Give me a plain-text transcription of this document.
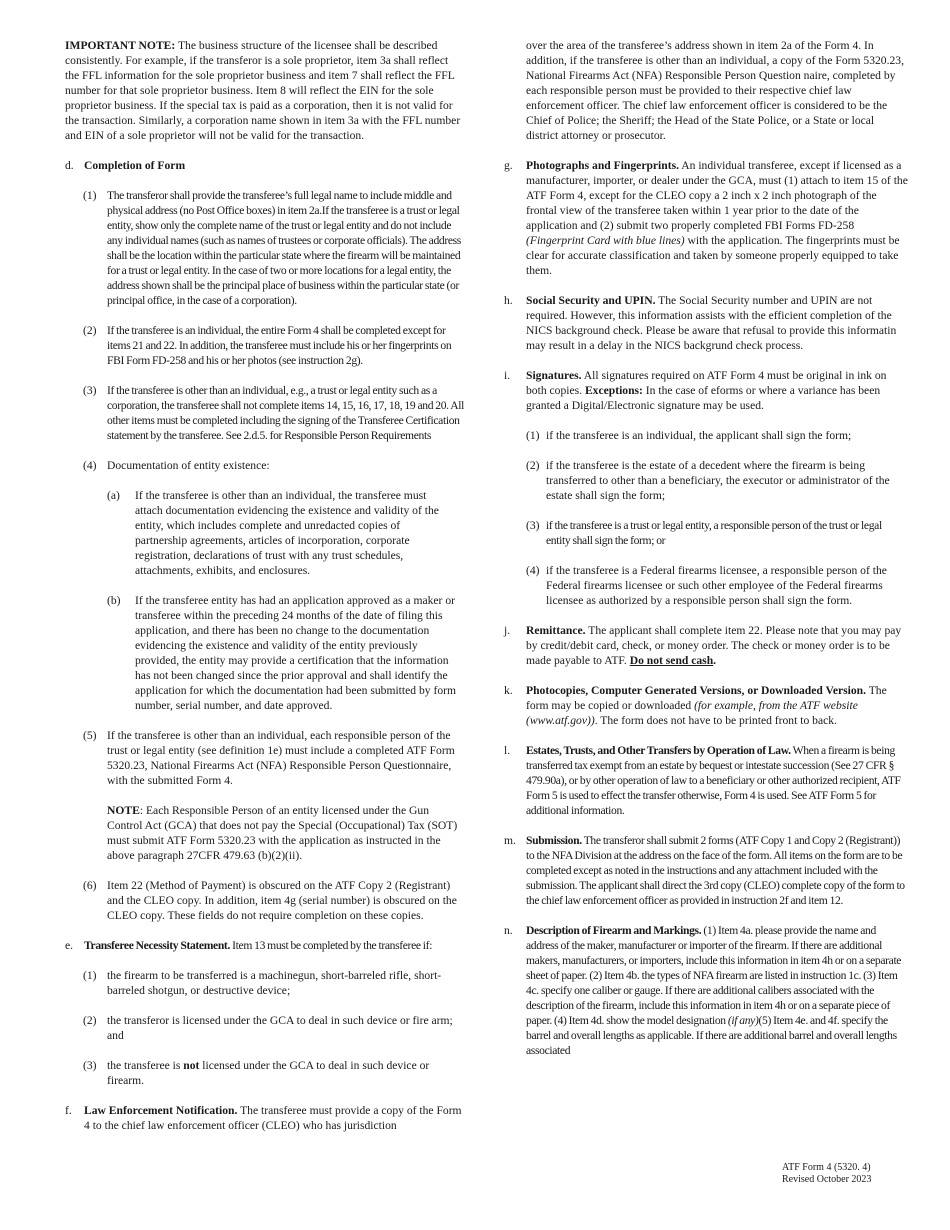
IMPORTANT NOTE: The business structure of the licensee shall be described consistently. For example, if the transferor is a sole proprietor, item 3a shall reflect the FFL information for the sole proprietor business and item 7 shall reflect the FFL number for that sole proprietor business. Item 8 will reflect the EIN for the sole proprietor business. If the special tax is paid as a corporation, then it is not valid for the transaction. Similarly, a corporation name shown in item 3a with the FFL number and EIN of a sole proprietor will not be valid for the transaction.

d. Completion of Form
(1) The transferor shall provide the transferee’s full legal name to include middle and physical address (no Post Office boxes) in item 2a.If the transferee is a trust or legal entity, show only the complete name of the trust or legal entity and do not include any individual names (such as names of trustees or corporate officials). The address shall be the location within the particular state where the firearm will be maintained for a trust or legal entity. In the case of two or more locations for a legal entity, the address shown shall be the principal place of business within the particular state (or principal office, in the case of a corporation).
(2) If the transferee is an individual, the entire Form 4 shall be completed except for items 21 and 22. In addition, the transferee must include his or her fingerprints on FBI Form FD-258 and his or her photos (see instruction 2g).
(3) If the transferee is other than an individual, e.g., a trust or legal entity such as a corporation, the transferee shall not complete items 14, 15, 16, 17, 18, 19 and 20. All other items must be completed including the signing of the Transferee Certification statement by the transferee. See 2.d.5. for Responsible Person Requirements
(4) Documentation of entity existence:
(a)	If the transferee is other than an individual, the transferee must attach documentation evidencing the existence and validity of the entity, which includes complete and unredacted copies of partnership agreements, articles of incorporation, corporate registration, declarations of trust with any trust schedules, attachments, exhibits, and enclosures.
(b)	If the transferee entity has had an application approved as a maker or transferee within the preceding 24 months of the date of filing this application, and there has been no change to the documentation evidencing the existence and validity of the entity previously provided, the entity may provide a certification that the information has not been changed since the prior approval and shall identify the application for which the documentation had been submitted by form number, serial number, and date approved.
(5) If the transferee is other than an individual, each responsible person of the trust or legal entity (see definition 1e) must include a completed ATF Form 5320.23, National Firearms Act (NFA) Responsible Person Questionnaire, with the submitted Form 4.
NOTE: Each Responsible Person of an entity licensed under the Gun Control Act (GCA) that does not pay the Special (Occupational) Tax (SOT) must submit ATF Form 5320.23 with the application as instructed in the above paragraph 27CFR 479.63 (b)(2)(ii).
(6) Item 22 (Method of Payment) is obscured on the ATF Copy 2 (Registrant) and the CLEO copy. In addition, item 4g (serial number) is obscured on the CLEO copy. These fields do not require completion on these copies.
e. Transferee Necessity Statement. Item 13 must be completed by the transferee if:
(1) the firearm to be transferred is a machinegun, short-barreled rifle, short-barreled shotgun, or destructive device;
(2) the transferor is licensed under the GCA to deal in such device or fire arm; and
(3) the transferee is not licensed under the GCA to deal in such device or firearm.
f.	Law Enforcement Notification. The transferee must provide a copy of the Form 4 to the chief law enforcement officer (CLEO) who has jurisdiction

over the area of the transferee’s address shown in item 2a of the Form 4. In addition, if the transferee is other than an individual, a copy of the Form 5320.23, National Firearms Act (NFA) Responsible Person Question naire, completed by each responsible person must be provided to their respective chief law enforcement officer. The chief law enforcement officer is considered to be the Chief of Police; the Sheriff; the Head of the State Police, or a State or local district attorney or prosecutor.

g.	Photographs and Fingerprints. An individual transferee, except if licensed as a manufacturer, importer, or dealer under the GCA, must (1) attach to item 15 of the ATF Form 4, except for the CLEO copy a 2 inch x 2 inch photograph of the frontal view of the transferee taken within 1 year prior to the date of the application and (2) submit two properly completed FBI Forms FD-258 (Fingerprint Card with blue lines) with the application. The fingerprints must be clear for accurate classification and taken by someone properly equipped to take them.
h.	Social Security and UPIN. The Social Security number and UPIN are not required. However, this information assists with the efficient completion of the NICS background check. Please be aware that refusal to provide this informatin may result in a delay in the NICS backgrund check process.
i.	Signatures. All signatures required on ATF Form 4 must be original in ink on both copies. Exceptions: In the case of eforms or where a variance has been granted a Digital/Electronic signature may be used.
(1) if the transferee is an individual, the applicant shall sign the form;
(2) if the transferee is the estate of a decedent where the firearm is being transferred to other than a beneficiary, the executor or administrator of the estate shall sign the form;
(3) if the transferee is a trust or legal entity, a responsible person of the trust or legal entity shall sign the form; or
(4) if the transferee is a Federal firearms licensee, a responsible person of the Federal firearms licensee or such other employee of the Federal firearms licensee as authorized by a responsible person shall sign the form.
j.	Remittance. The applicant shall complete item 22. Please note that you may pay by credit/debit card, check, or money order. The check or money order is to be made payable to ATF. Do not send cash.
k.	Photocopies, Computer Generated Versions, or Downloaded Version. The form may be copied or downloaded (for example, from the ATF website (www.atf.gov)). The form does not have to be printed front to back.
l.	Estates, Trusts, and Other Transfers by Operation of Law. When a firearm is being transferred tax exempt from an estate by bequest or intestate succession (See 27 CFR § 479.90a), or by other operation of law to a beneficiary or other authorized recipient, ATF Form 5 is used to effect the transfer otherwise, Form 4 is used. See ATF Form 5 for additional information.
m. Submission. The transferor shall submit 2 forms (ATF Copy 1 and Copy 2 (Registrant)) to the NFA Division at the address on the face of the form. All items on the form are to be completed except as noted in the instructions and any attachment included with the submission. The applicant shall direct the 3rd copy (CLEO) complete copy of the form to the chief law enforcement officer as provided in instruction 2f and item 12.
n.	Description of Firearm and Markings. (1) Item 4a. please provide the name and address of the maker, manufacturer or importer of the firearm. If there are additional makers, manufacturers, or importers, include this information in item 4h or on a separate sheet of paper. (2) Item 4b. the types of NFA firearm are listed in instruction 1c. (3) Item 4c. specify one caliber or gauge. If there are additional calibers associated with the description of the firearm, include this information in item 4h or on a separate piece of paper. (4) Item 4d. show the model designation (if any)(5) Item 4e. and 4f. specify the barrel and overall lengths as applicable. If there are additional barrel and overall lengths associated
ATF Form 4 (5320. 4)
Revised October 2023
